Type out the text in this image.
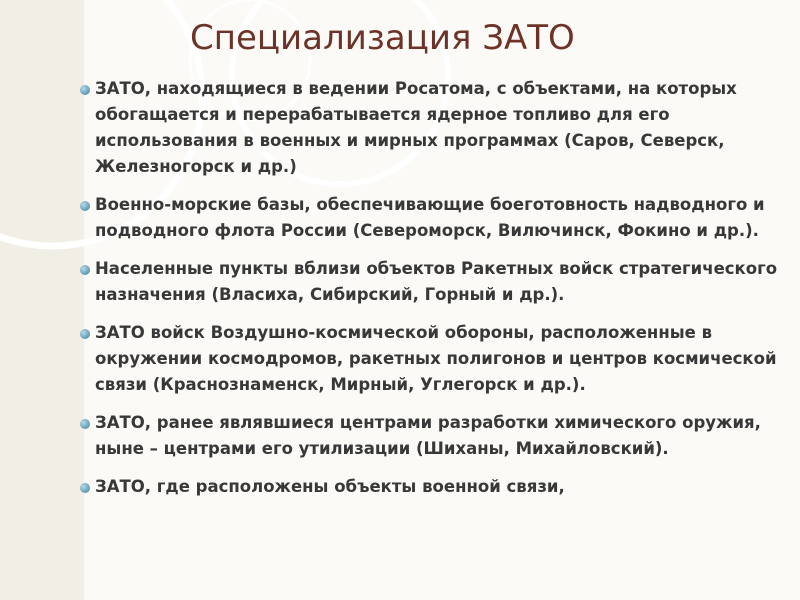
Специализация ЗАТО
ЗАТО, находящиеся в ведении Росатома, с объектами, на которых обогащается и перерабатывается ядерное топливо для его использования в военных и мирных программах (Саров, Северск, Железногорск и др.)
Военно-морские базы, обеспечивающие боеготовность надводного и подводного флота России (Североморск, Вилючинск, Фокино и др.).
Населенные пункты вблизи объектов Ракетных войск стратегического назначения (Власиха, Сибирский, Горный и др.).
ЗАТО войск Воздушно-космической обороны, расположенные в окружении космодромов, ракетных полигонов и центров космической связи (Краснознаменск, Мирный, Углегорск и др.).
ЗАТО, ранее являвшиеся центрами разработки химического оружия, ныне – центрами его утилизации (Шиханы, Михайловский).
ЗАТО, где расположены объекты военной связи,
